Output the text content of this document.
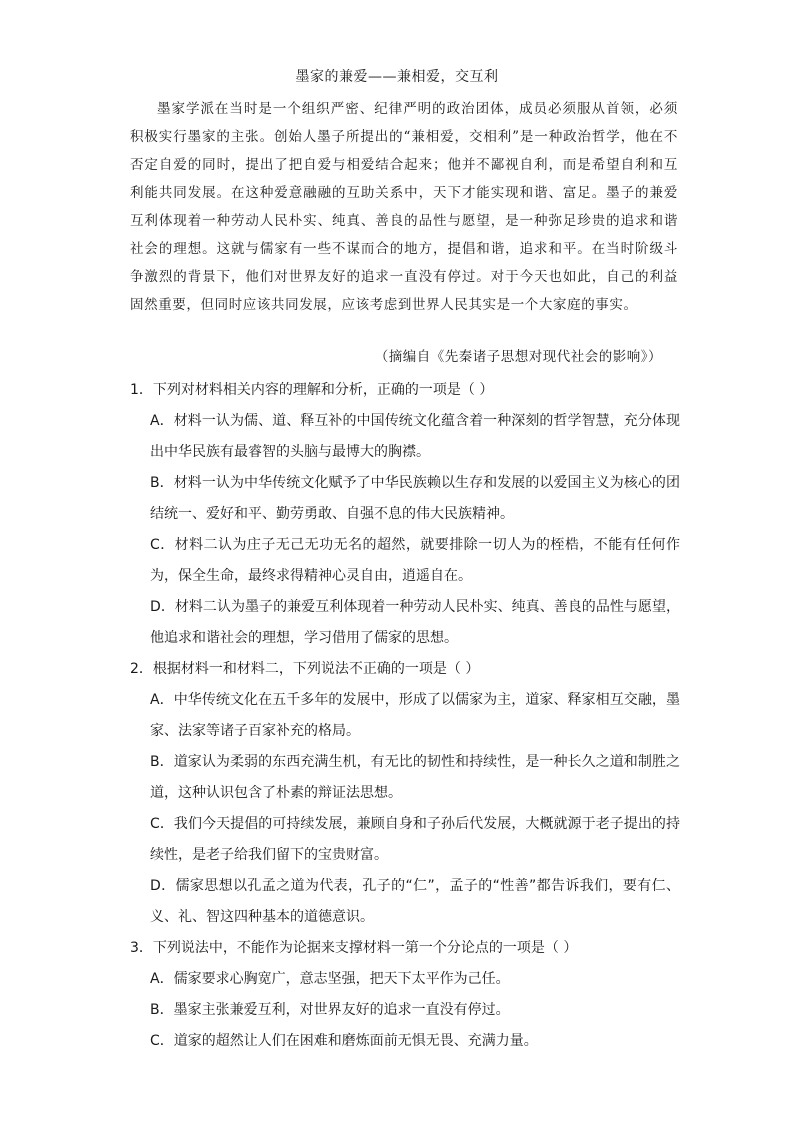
墨家的兼爱——兼相爱，交互利
墨家学派在当时是一个组织严密、纪律严明的政治团体，成员必须服从首领，必须积极实行墨家的主张。创始人墨子所提出的“兼相爱，交相利”是一种政治哲学，他在不否定自爱的同时，提出了把自爱与相爱结合起来；他并不鄙视自利，而是希望自利和互利能共同发展。在这种爱意融融的互助关系中，天下才能实现和谐、富足。墨子的兼爱互利体现着一种劳动人民朴实、纯真、善良的品性与愿望，是一种弥足珍贵的追求和谐社会的理想。这就与儒家有一些不谋而合的地方，提倡和谐，追求和平。在当时阶级斗争激烈的背景下，他们对世界友好的追求一直没有停过。对于今天也如此，自己的利益固然重要，但同时应该共同发展，应该考虑到世界人民其实是一个大家庭的事实。
（摘编自《先秦诸子思想对现代社会的影响》）
1．下列对材料相关内容的理解和分析，正确的一项是（ ）
A．材料一认为儒、道、释互补的中国传统文化蕴含着一种深刻的哲学智慧，充分体现出中华民族有最睿智的头脑与最博大的胸襟。
B．材料一认为中华传统文化赋予了中华民族赖以生存和发展的以爱国主义为核心的团结统一、爱好和平、勤劳勇敢、自强不息的伟大民族精神。
C．材料二认为庄子无己无功无名的超然，就要排除一切人为的桎梏，不能有任何作为，保全生命，最终求得精神心灵自由，逍遥自在。
D．材料二认为墨子的兼爱互利体现着一种劳动人民朴实、纯真、善良的品性与愿望，他追求和谐社会的理想，学习借用了儒家的思想。
2．根据材料一和材料二，下列说法不正确的一项是（ ）
A．中华传统文化在五千多年的发展中，形成了以儒家为主，道家、释家相互交融，墨家、法家等诸子百家补充的格局。
B．道家认为柔弱的东西充满生机，有无比的韧性和持续性，是一种长久之道和制胜之道，这种认识包含了朴素的辩证法思想。
C．我们今天提倡的可持续发展，兼顾自身和子孙后代发展，大概就源于老子提出的持续性，是老子给我们留下的宝贵财富。
D．儒家思想以孔孟之道为代表，孔子的“仁”，孟子的“性善”都告诉我们，要有仁、义、礼、智这四种基本的道德意识。
3．下列说法中，不能作为论据来支撑材料一第一个分论点的一项是（ ）
A．儒家要求心胸宽广，意志坚强，把天下太平作为己任。
B．墨家主张兼爱互利，对世界友好的追求一直没有停过。
C．道家的超然让人们在困难和磨炼面前无惧无畏、充满力量。
